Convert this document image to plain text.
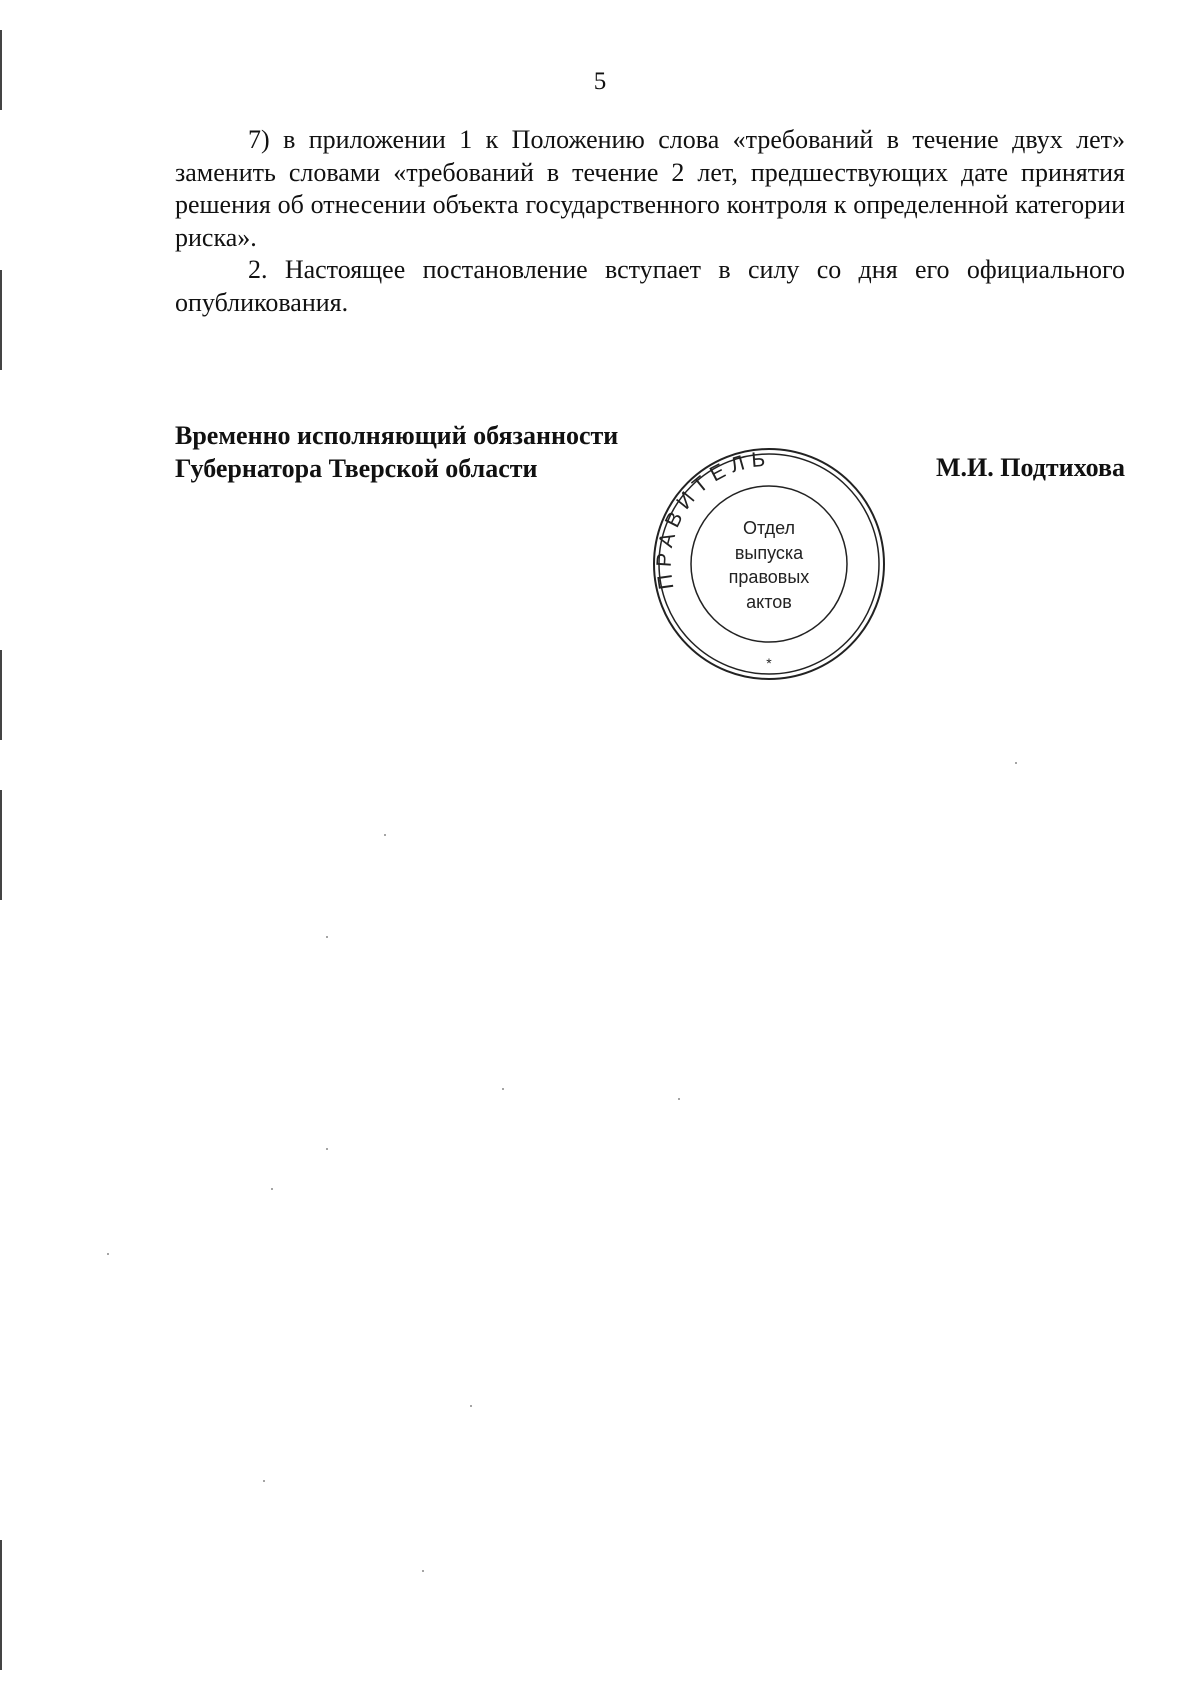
5

7) в приложении 1 к Положению слова «требований в течение двух лет» заменить словами «требований в течение 2 лет, предшествующих дате принятия решения об отнесении объекта государственного контроля к определенной категории риска».

2. Настоящее постановление вступает в силу со дня его официального опубликования.

Временно исполняющий обязанности
Губернатора Тверской области	М.И. Подтихова
ПРАВИТЕЛЬ
*
Отдел
выпуска
правовых
актов
